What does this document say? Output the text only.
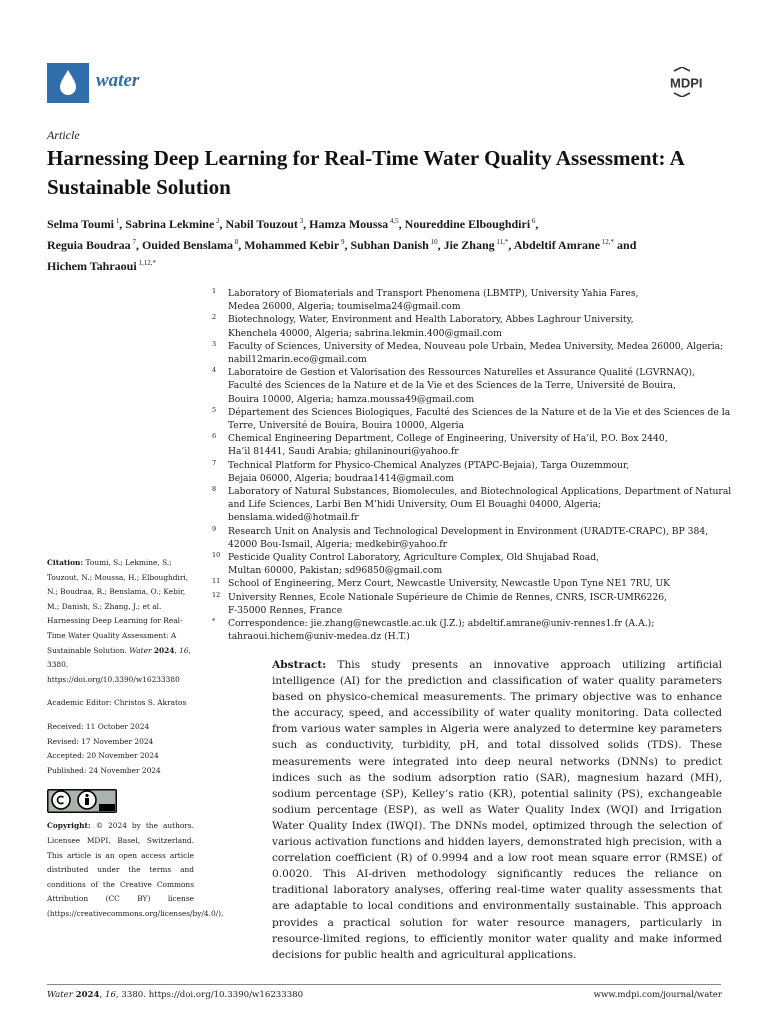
water	MDPI
Article
Harnessing Deep Learning for Real-Time Water Quality Assessment: A Sustainable Solution
Selma Toumi $^1$, Sabrina Lekmine $^2$, Nabil Touzout $^3$, Hamza Moussa $^{4,5}$, Noureddine Elboughdiri $^6$,
Reguia Boudraa $^7$, Ouided Benslama $^8$, Mohammed Kebir $^9$, Subhan Danish $^{10}$, Jie Zhang $^{11,*}$, Abdeltif Amrane $^{12,*}$ and
Hichem Tahraoui $^{1,12,*}$
1 Laboratory of Biomaterials and Transport Phenomena (LBMTP), University Yahia Fares,
Medea 26000, Algeria; toumiselma24@gmail.com
2 Biotechnology, Water, Environment and Health Laboratory, Abbes Laghrour University,
Khenchela 40000, Algeria; sabrina.lekmin.400@gmail.com
3 Faculty of Sciences, University of Medea, Nouveau pole Urbain, Medea University, Medea 26000, Algeria;
nabil12marin.eco@gmail.com
4 Laboratoire de Gestion et Valorisation des Ressources Naturelles et Assurance Qualité (LGVRNAQ),
Faculté des Sciences de la Nature et de la Vie et des Sciences de la Terre, Université de Bouira,
Bouira 10000, Algeria; hamza.moussa49@gmail.com
5 Département des Sciences Biologiques, Faculté des Sciences de la Nature et de la Vie et des Sciences de la
Terre, Université de Bouira, Bouira 10000, Algeria
6 Chemical Engineering Department, College of Engineering, University of Ha’il, P.O. Box 2440,
Ha’il 81441, Saudi Arabia; ghilaninouri@yahoo.fr
7 Technical Platform for Physico-Chemical Analyzes (PTAPC-Bejaia), Targa Ouzemmour,
Bejaia 06000, Algeria; boudraa1414@gmail.com
8 Laboratory of Natural Substances, Biomolecules, and Biotechnological Applications, Department of Natural
and Life Sciences, Larbi Ben M’hidi University, Oum El Bouaghi 04000, Algeria;
benslama.wided@hotmail.fr
9 Research Unit on Analysis and Technological Development in Environment (URADTE-CRAPC), BP 384,
42000 Bou-Ismail, Algeria; medkebir@yahoo.fr
10 Pesticide Quality Control Laboratory, Agriculture Complex, Old Shujabad Road,
Multan 60000, Pakistan; sd96850@gmail.com
11 School of Engineering, Merz Court, Newcastle University, Newcastle Upon Tyne NE1 7RU, UK
12 University Rennes, Ecole Nationale Supérieure de Chimie de Rennes, CNRS, ISCR-UMR6226,
F-35000 Rennes, France
* Correspondence: jie.zhang@newcastle.ac.uk (J.Z.); abdeltif.amrane@univ-rennes1.fr (A.A.);
tahraoui.hichem@univ-medea.dz (H.T.)

Citation: Toumi, S.; Lekmine, S.; Touzout, N.; Moussa, H.; Elboughdiri, N.; Boudraa, R.; Benslama, O.; Kebir, M.; Danish, S.; Zhang, J.; et al. Harnessing Deep Learning for Real-Time Water Quality Assessment: A Sustainable Solution. Water 2024, 16, 3380. https://doi.org/10.3390/w16233380

Academic Editor: Christos S. Akratos

Received: 11 October 2024

Revised: 17 November 2024

Accepted: 20 November 2024

Published: 24 November 2024

Copyright: © 2024 by the authors. Licensee MDPI, Basel, Switzerland. This article is an open access article distributed under the terms and conditions of the Creative Commons Attribution (CC BY) license (https://creativecommons.org/licenses/by/4.0/).

Abstract: This study presents an innovative approach utilizing artificial intelligence (AI) for the prediction and classification of water quality parameters based on physico-chemical measurements. The primary objective was to enhance the accuracy, speed, and accessibility of water quality monitoring. Data collected from various water samples in Algeria were analyzed to determine key parameters such as conductivity, turbidity, pH, and total dissolved solids (TDS). These measurements were integrated into deep neural networks (DNNs) to predict indices such as the sodium adsorption ratio (SAR), magnesium hazard (MH), sodium percentage (SP), Kelley’s ratio (KR), potential salinity (PS), exchangeable sodium percentage (ESP), as well as Water Quality Index (WQI) and Irrigation Water Quality Index (IWQI). The DNNs model, optimized through the selection of various activation functions and hidden layers, demonstrated high precision, with a correlation coefficient (R) of 0.9994 and a low root mean square error (RMSE) of 0.0020. This AI-driven methodology significantly reduces the reliance on traditional laboratory analyses, offering real-time water quality assessments that are adaptable to local conditions and environmentally sustainable. This approach provides a practical solution for water resource managers, particularly in resource-limited regions, to efficiently monitor water quality and make informed decisions for public health and agricultural applications.

Water 2024, 16, 3380. https://doi.org/10.3390/w16233380	www.mdpi.com/journal/water
